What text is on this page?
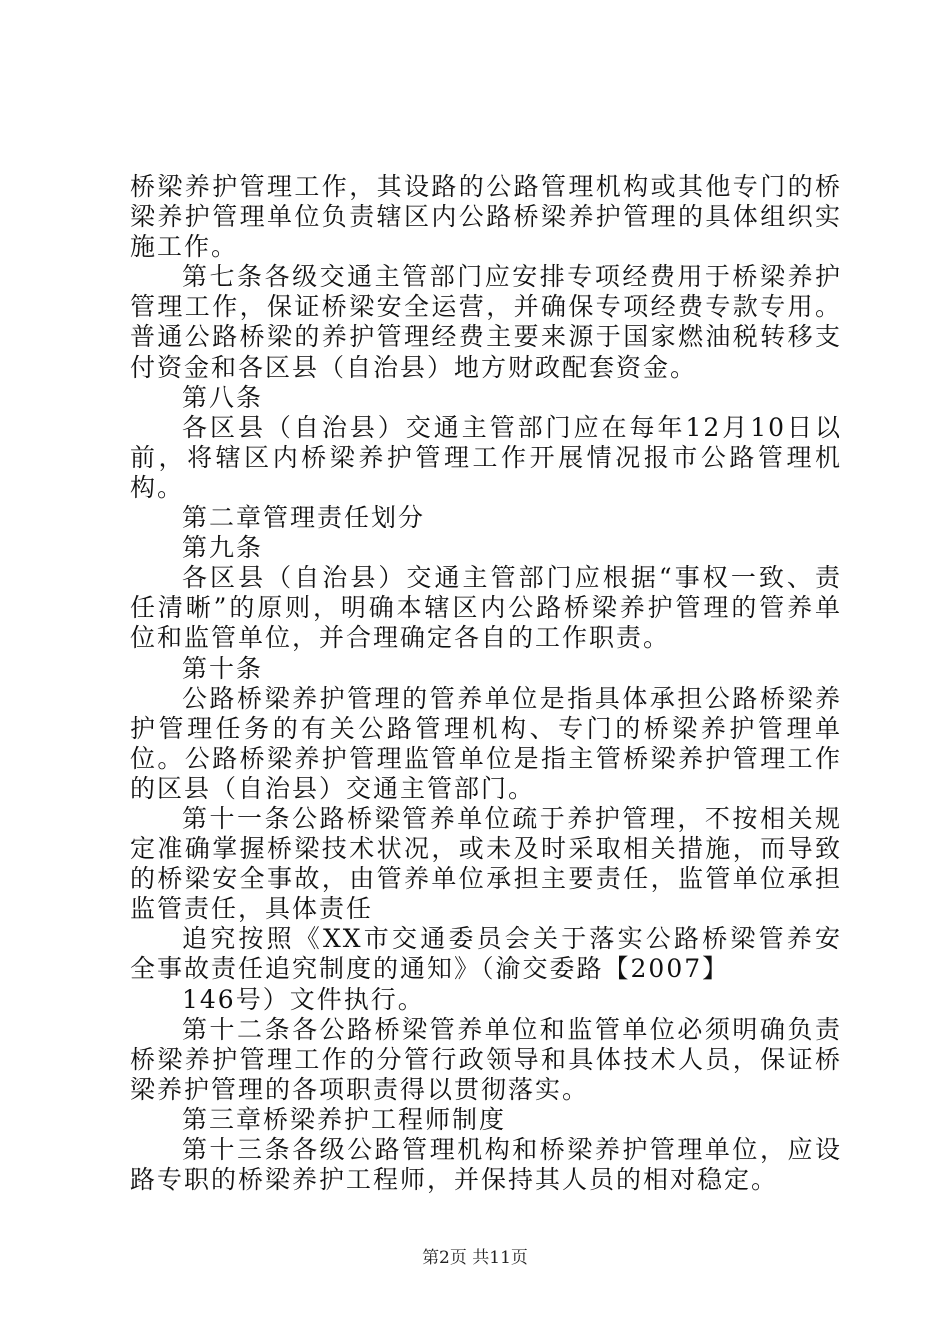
桥梁养护管理工作，其设路的公路管理机构或其他专门的桥梁养护管理单位负责辖区内公路桥梁养护管理的具体组织实施工作。

第七条各级交通主管部门应安排专项经费用于桥梁养护管理工作，保证桥梁安全运营，并确保专项经费专款专用。普通公路桥梁的养护管理经费主要来源于国家燃油税转移支付资金和各区县（自治县）地方财政配套资金。

第八条

各区县（自治县）交通主管部门应在每年12月10日以前，将辖区内桥梁养护管理工作开展情况报市公路管理机构。

第二章管理责任划分

第九条

各区县（自治县）交通主管部门应根据“事权一致、责任清晰”的原则，明确本辖区内公路桥梁养护管理的管养单位和监管单位，并合理确定各自的工作职责。

第十条

公路桥梁养护管理的管养单位是指具体承担公路桥梁养护管理任务的有关公路管理机构、专门的桥梁养护管理单位。公路桥梁养护管理监管单位是指主管桥梁养护管理工作的区县（自治县）交通主管部门。

第十一条公路桥梁管养单位疏于养护管理，不按相关规定准确掌握桥梁技术状况，或未及时采取相关措施，而导致的桥梁安全事故，由管养单位承担主要责任，监管单位承担监管责任，具体责任

追究按照《XX市交通委员会关于落实公路桥梁管养安全事故责任追究制度的通知》（渝交委路【2007】

146号）文件执行。

第十二条各公路桥梁管养单位和监管单位必须明确负责桥梁养护管理工作的分管行政领导和具体技术人员，保证桥梁养护管理的各项职责得以贯彻落实。

第三章桥梁养护工程师制度

第十三条各级公路管理机构和桥梁养护管理单位，应设路专职的桥梁养护工程师，并保持其人员的相对稳定。

第2页 共11页
